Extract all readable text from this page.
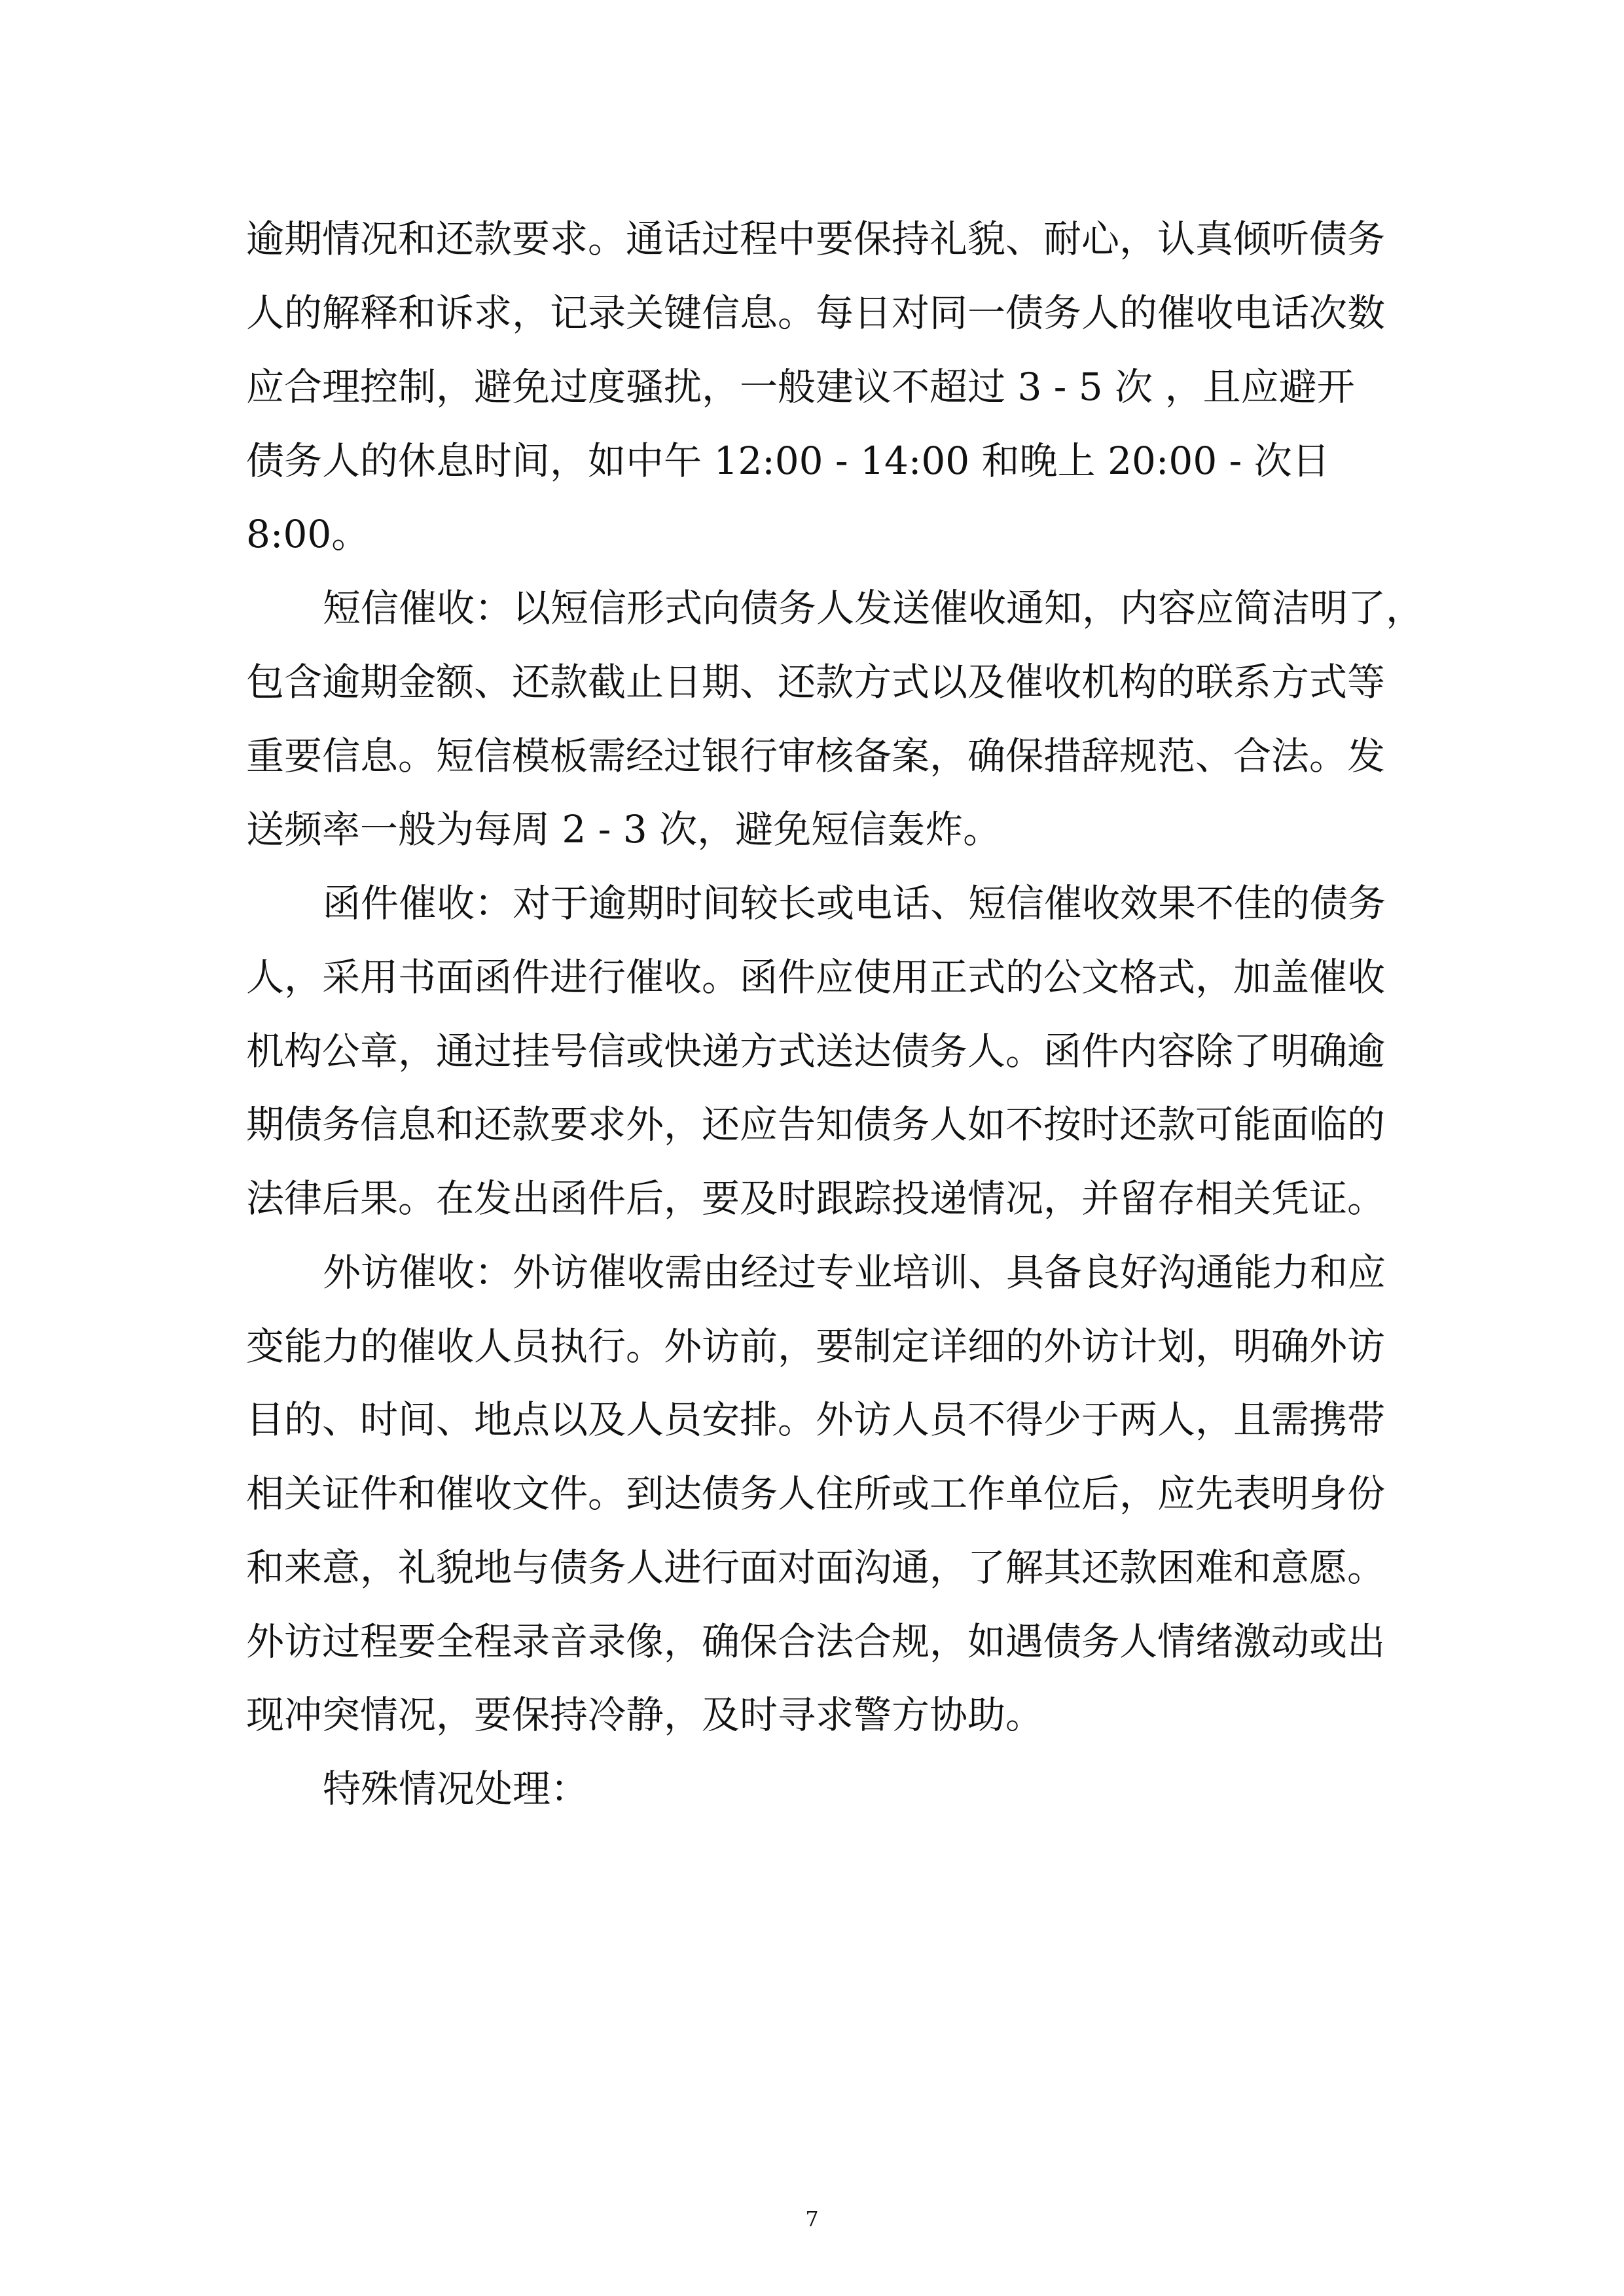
逾期情况和还款要求。通话过程中要保持礼貌、耐心，认真倾听债务
人的解释和诉求，记录关键信息。每日对同一债务人的催收电话次数
应合理控制，避免过度骚扰，一般建议不超过 3 - 5 次 ，且应避开
债务人的休息时间，如中午 12:00 - 14:00 和晚上 20:00 - 次日
8:00。
短信催收：以短信形式向债务人发送催收通知，内容应简洁明了，
包含逾期金额、还款截止日期、还款方式以及催收机构的联系方式等
重要信息。短信模板需经过银行审核备案，确保措辞规范、合法。发
送频率一般为每周 2 - 3 次，避免短信轰炸。
函件催收：对于逾期时间较长或电话、短信催收效果不佳的债务
人，采用书面函件进行催收。函件应使用正式的公文格式，加盖催收
机构公章，通过挂号信或快递方式送达债务人。函件内容除了明确逾
期债务信息和还款要求外，还应告知债务人如不按时还款可能面临的
法律后果。在发出函件后，要及时跟踪投递情况，并留存相关凭证。
外访催收：外访催收需由经过专业培训、具备良好沟通能力和应
变能力的催收人员执行。外访前，要制定详细的外访计划，明确外访
目的、时间、地点以及人员安排。外访人员不得少于两人，且需携带
相关证件和催收文件。到达债务人住所或工作单位后，应先表明身份
和来意，礼貌地与债务人进行面对面沟通，了解其还款困难和意愿。
外访过程要全程录音录像，确保合法合规，如遇债务人情绪激动或出
现冲突情况，要保持冷静，及时寻求警方协助。
特殊情况处理：
7
